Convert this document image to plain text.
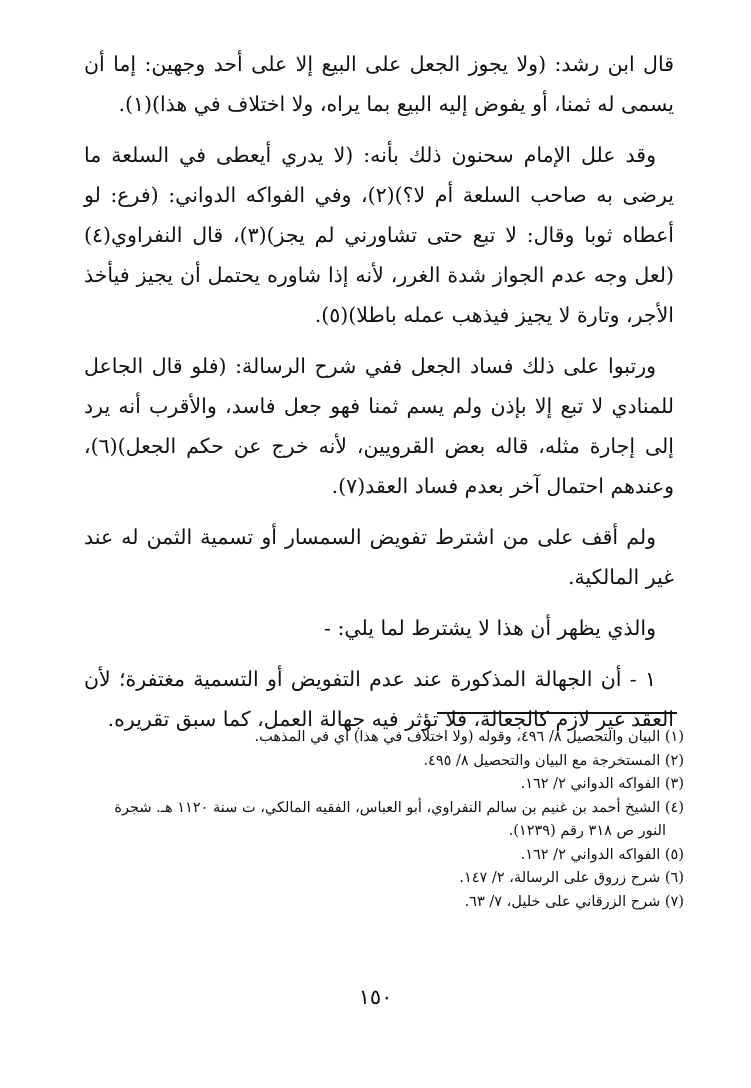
قال ابن رشد: (ولا يجوز الجعل على البيع إلا على أحد وجهين: إما أن يسمى له ثمنا، أو يفوض إليه البيع بما يراه، ولا اختلاف في هذا)(١).

وقد علل الإمام سحنون ذلك بأنه: (لا يدري أيعطى في السلعة ما يرضى به صاحب السلعة أم لا؟)(٢)، وفي الفواكه الدواني: (فرع: لو أعطاه ثوبا وقال: لا تبع حتى تشاورني لم يجز)(٣)، قال النفراوي(٤) (لعل وجه عدم الجواز شدة الغرر، لأنه إذا شاوره يحتمل أن يجيز فيأخذ الأجر، وتارة لا يجيز فيذهب عمله باطلا)(٥).

ورتبوا على ذلك فساد الجعل ففي شرح الرسالة: (فلو قال الجاعل للمنادي لا تبع إلا بإذن ولم يسم ثمنا فهو جعل فاسد، والأقرب أنه يرد إلى إجارة مثله، قاله بعض القرويين، لأنه خرج عن حكم الجعل)(٦)، وعندهم احتمال آخر بعدم فساد العقد(٧).

ولم أقف على من اشترط تفويض السمسار أو تسمية الثمن له عند غير المالكية.

والذي يظهر أن هذا لا يشترط لما يلي: -

١ - أن الجهالة المذكورة عند عدم التفويض أو التسمية مغتفرة؛ لأن العقد غير لازم كالجعالة، فلا تؤثر فيه جهالة العمل، كما سبق تقريره.

(١) البيان والتحصيل ٨/ ٤٩٦، وقوله (ولا اختلاف في هذا) أي في المذهب.

(٢) المستخرجة مع البيان والتحصيل ٨/ ٤٩٥.

(٣) الفواكه الدواني ٢/ ١٦٢.

(٤) الشيخ أحمد بن غنيم بن سالم النفراوي، أبو العباس، الفقيه المالكي، ت سنة ١١٢٠ هـ. شجرة النور ص ٣١٨ رقم (١٢٣٩).

(٥) الفواكه الدواني ٢/ ١٦٢.

(٦) شرح زروق على الرسالة، ٢/ ١٤٧.

(٧) شرح الزرقاني على خليل، ٧/ ٦٣.

١٥٠
